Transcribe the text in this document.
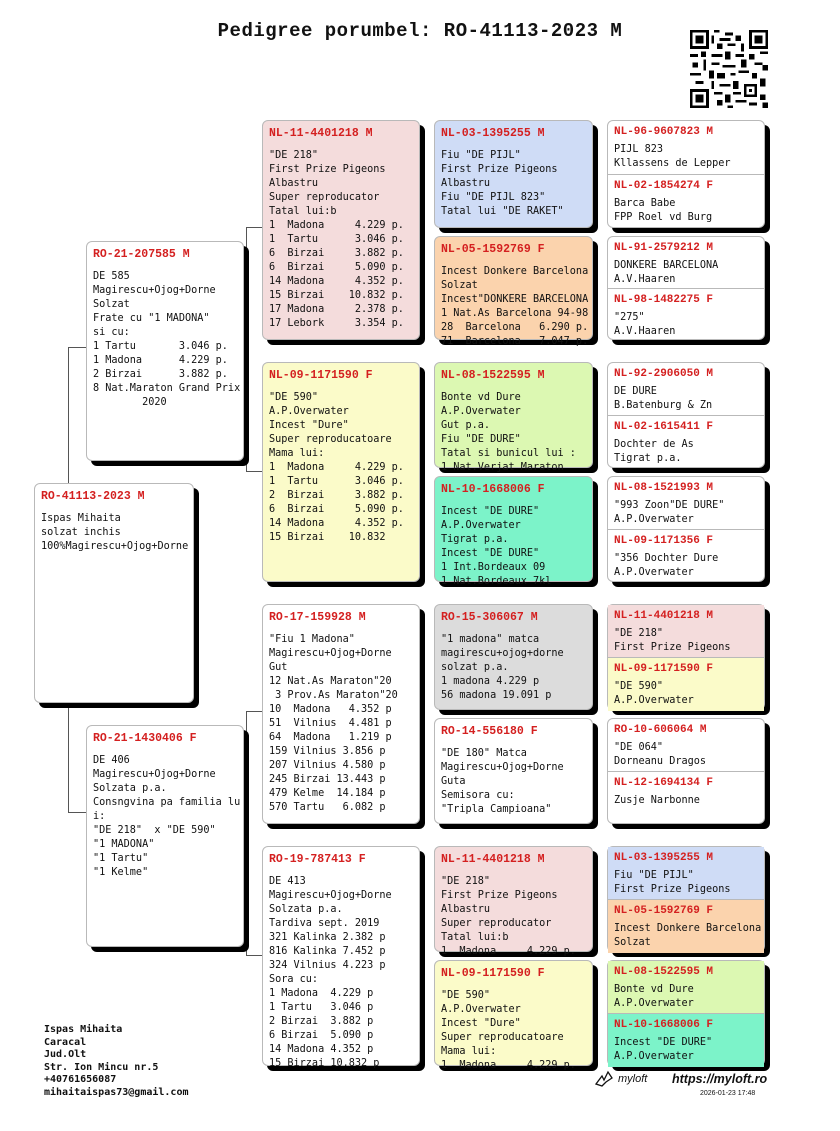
Pedigree porumbel: RO-41113-2023 M
RO-41113-2023 M
Ispas Mihaita
solzat inchis
100%Magirescu+Ojog+Dorne
RO-21-207585 M
DE 585
Magirescu+Ojog+Dorne
Solzat
Frate cu "1 MADONA"
si cu:
1 Tartu       3.046 p.
1 Madona      4.229 p.
2 Birzai      3.882 p.
8 Nat.Maraton Grand Prix
2020
RO-21-1430406 F
DE 406
Magirescu+Ojog+Dorne
Solzata p.a.
Consngvina pa familia lu
i:
"DE 218"  x "DE 590"
"1 MADONA"
"1 Tartu"
"1 Kelme"
NL-11-4401218 M
"DE 218"
First Prize Pigeons
Albastru
Super reproducator
Tatal lui:b
1  Madona     4.229 p.
1  Tartu      3.046 p.
6  Birzai     3.882 p.
6  Birzai     5.090 p.
14 Madona     4.352 p.
15 Birzai    10.832 p.
17 Madona     2.378 p.
17 Lebork     3.354 p.
NL-09-1171590 F
"DE 590"
A.P.Overwater
Incest "Dure"
Super reproducatoare
Mama lui:
1  Madona     4.229 p.
1  Tartu      3.046 p.
2  Birzai     3.882 p.
6  Birzai     5.090 p.
14 Madona     4.352 p.
15 Birzai    10.832
RO-17-159928 M
"Fiu 1 Madona"
Magirescu+Ojog+Dorne
Gut
12 Nat.As Maraton"20
3 Prov.As Maraton"20
10  Madona   4.352 p
51  Vilnius  4.481 p
64  Madona   1.219 p
159 Vilnius 3.856 p
207 Vilnius 4.580 p
245 Birzai 13.443 p
479 Kelme  14.184 p
570 Tartu   6.082 p
RO-19-787413 F
DE 413
Magirescu+Ojog+Dorne
Solzata p.a.
Tardiva sept. 2019
321 Kalinka 2.382 p
816 Kalinka 7.452 p
324 Vilnius 4.223 p
Sora cu:
1 Madona  4.229 p
1 Tartu   3.046 p
2 Birzai  3.882 p
6 Birzai  5.090 p
14 Madona 4.352 p
15 Birzai 10.832 p
NL-03-1395255 M
Fiu "DE PIJL"
First Prize Pigeons
Albastru
Fiu "DE PIJL 823"
Tatal lui "DE RAKET"
NL-05-1592769 F
Incest Donkere Barcelona
Solzat
Incest"DONKERE BARCELONA
1 Nat.As Barcelona 94-98
28  Barcelona   6.290 p.
71  Barcelona   7.047 p.
NL-08-1522595 M
Bonte vd Dure
A.P.Overwater
Gut p.a.
Fiu "DE DURE"
Tatal si bunicul lui :
1 Nat.Verjat Maraton
NL-10-1668006 F
Incest "DE DURE"
A.P.Overwater
Tigrat p.a.
Incest "DE DURE"
1 Int.Bordeaux 09
1 Nat.Bordeaux 7kl
RO-15-306067 M
"1 madona" matca
magirescu+ojog+dorne
solzat p.a.
1 madona 4.229 p
56 madona 19.091 p
RO-14-556180 F
"DE 180" Matca
Magirescu+Ojog+Dorne
Guta
Semisora cu:
"Tripla Campioana"
NL-11-4401218 M
"DE 218"
First Prize Pigeons
Albastru
Super reproducator
Tatal lui:b
1  Madona     4.229 p.
NL-09-1171590 F
"DE 590"
A.P.Overwater
Incest "Dure"
Super reproducatoare
Mama lui:
1  Madona     4.229 p.
NL-96-9607823 M
PIJL 823
Kllassens de Lepper
NL-02-1854274 F
Barca Babe
FPP Roel vd Burg
NL-91-2579212 M
DONKERE BARCELONA
A.V.Haaren
NL-98-1482275 F
"275"
A.V.Haaren
NL-92-2906050 M
DE DURE
B.Batenburg & Zn
NL-02-1615411 F
Dochter de As
Tigrat p.a.
NL-08-1521993 M
"993 Zoon"DE DURE"
A.P.Overwater
NL-09-1171356 F
"356 Dochter Dure
A.P.Overwater
NL-11-4401218 M
"DE 218"
First Prize Pigeons
NL-09-1171590 F
"DE 590"
A.P.Overwater
RO-10-606064 M
"DE 064"
Dorneanu Dragos
NL-12-1694134 F
Zusje Narbonne
NL-03-1395255 M
Fiu "DE PIJL"
First Prize Pigeons
NL-05-1592769 F
Incest Donkere Barcelona
Solzat
NL-08-1522595 M
Bonte vd Dure
A.P.Overwater
NL-10-1668006 F
Incest "DE DURE"
A.P.Overwater
Ispas Mihaita
Caracal
Jud.Olt
Str. Ion Mincu nr.5
+40761656087
mihaitaispas73@gmail.com
myloft https://myloft.ro
2026-01-23 17:48
